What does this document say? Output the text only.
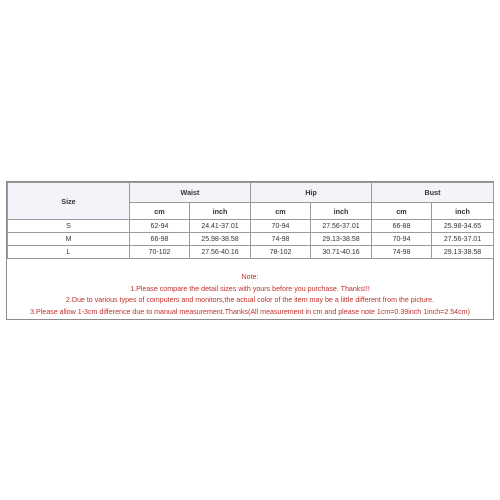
Size	Waist		Hip		Bust	
	cm	inch	cm	inch	cm	inch
S	62-94	24.41-37.01	70-94	27.56-37.01	66-88	25.98-34.65
M	66-98	25.98-38.58	74-98	29.13-38.58	70-94	27.56-37.01
L	70-102	27.56-40.16	78-102	30.71-40.16	74-98	29.13-38.58
Note:
1.Please compare the detail sizes with yours before you purchase. Thanks!!!
2.Due to various types of computers and monitors,the actual color of the item may be a little different from the picture.
3.Please allow 1-3cm difference due to manual measurement.Thanks(All measurement in cm and please note 1cm=0.39inch 1inch=2.54cm)
